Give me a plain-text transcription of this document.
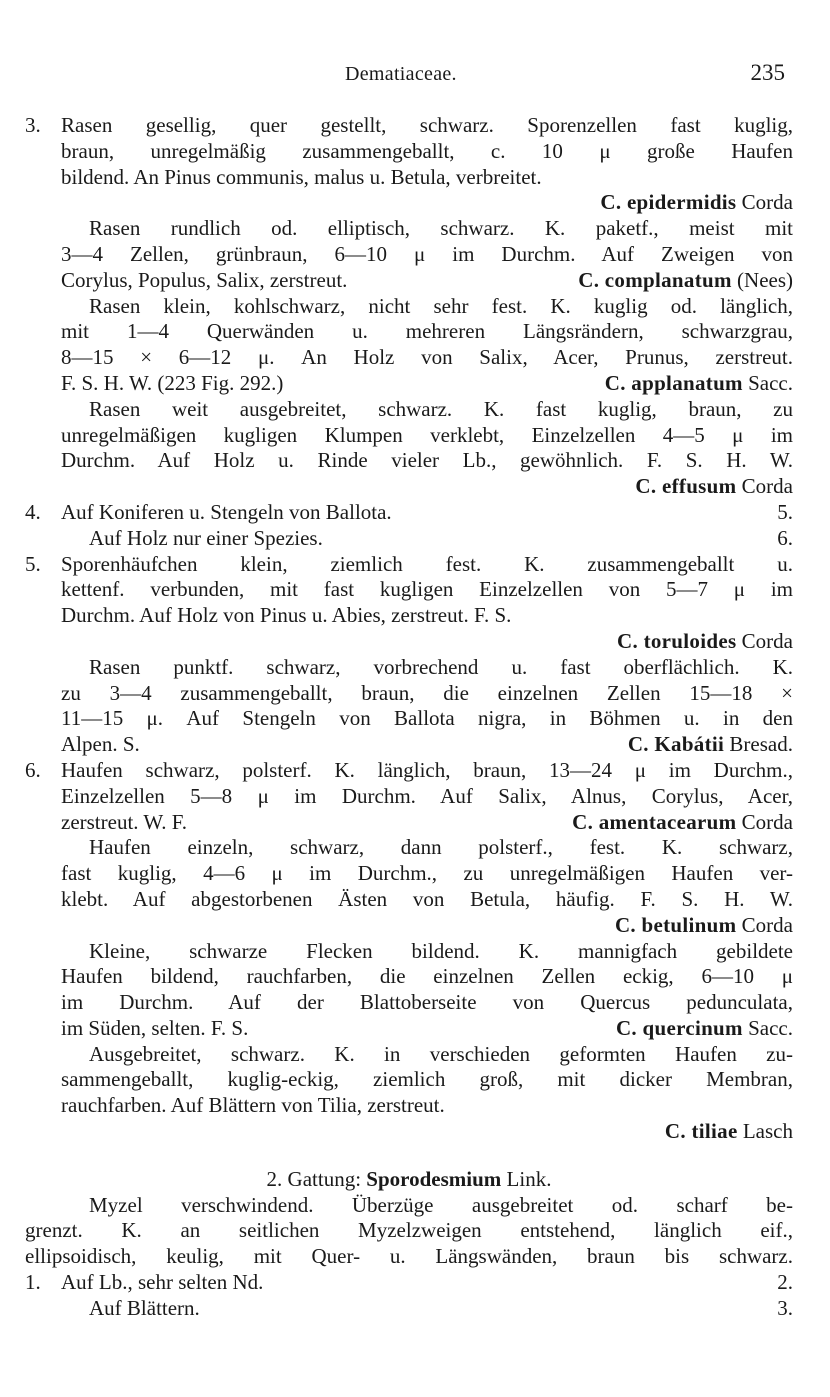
Dematiaceae.	235
3. Rasen gesellig, quer gestellt, schwarz. Sporenzellen fast kuglig,
braun, unregelmäßig zusammengeballt, c. 10 μ große Haufen
bildend. An Pinus communis, malus u. Betula, verbreitet.
C. epidermidis Corda
Rasen rundlich od. elliptisch, schwarz. K. paketf., meist mit
3—4 Zellen, grünbraun, 6—10 μ im Durchm. Auf Zweigen von
Corylus, Populus, Salix, zerstreut.	C. complanatum (Nees)
Rasen klein, kohlschwarz, nicht sehr fest. K. kuglig od. länglich,
mit 1—4 Querwänden u. mehreren Längsrändern, schwarzgrau,
8—15 × 6—12 μ. An Holz von Salix, Acer, Prunus, zerstreut.
F. S. H. W. (223 Fig. 292.)	C. applanatum Sacc.
Rasen weit ausgebreitet, schwarz. K. fast kuglig, braun, zu
unregelmäßigen kugligen Klumpen verklebt, Einzelzellen 4—5 μ im
Durchm. Auf Holz u. Rinde vieler Lb., gewöhnlich. F. S. H. W.
C. effusum Corda
4. Auf Koniferen u. Stengeln von Ballota.	5.
Auf Holz nur einer Spezies.	6.
5. Sporenhäufchen klein, ziemlich fest. K. zusammengeballt u.
kettenf. verbunden, mit fast kugligen Einzelzellen von 5—7 μ im
Durchm. Auf Holz von Pinus u. Abies, zerstreut. F. S.
C. toruloides Corda
Rasen punktf. schwarz, vorbrechend u. fast oberflächlich. K.
zu 3—4 zusammengeballt, braun, die einzelnen Zellen 15—18 ×
11—15 μ. Auf Stengeln von Ballota nigra, in Böhmen u. in den
Alpen. S.	C. Kabátii Bresad.
6. Haufen schwarz, polsterf. K. länglich, braun, 13—24 μ im Durchm.,
Einzelzellen 5—8 μ im Durchm. Auf Salix, Alnus, Corylus, Acer,
zerstreut. W. F.	C. amentacearum Corda
Haufen einzeln, schwarz, dann polsterf., fest. K. schwarz,
fast kuglig, 4—6 μ im Durchm., zu unregelmäßigen Haufen ver-
klebt. Auf abgestorbenen Ästen von Betula, häufig. F. S. H. W.
C. betulinum Corda
Kleine, schwarze Flecken bildend. K. mannigfach gebildete
Haufen bildend, rauchfarben, die einzelnen Zellen eckig, 6—10 μ
im Durchm. Auf der Blattoberseite von Quercus pedunculata,
im Süden, selten. F. S.	C. quercinum Sacc.
Ausgebreitet, schwarz. K. in verschieden geformten Haufen zu-
sammengeballt, kuglig-eckig, ziemlich groß, mit dicker Membran,
rauchfarben. Auf Blättern von Tilia, zerstreut.
C. tiliae Lasch
2. Gattung: Sporodesmium Link.
Myzel verschwindend. Überzüge ausgebreitet od. scharf be-
grenzt. K. an seitlichen Myzelzweigen entstehend, länglich eif.,
ellipsoidisch, keulig, mit Quer- u. Längswänden, braun bis schwarz.
1. Auf Lb., sehr selten Nd.	2.
Auf Blättern.	3.
